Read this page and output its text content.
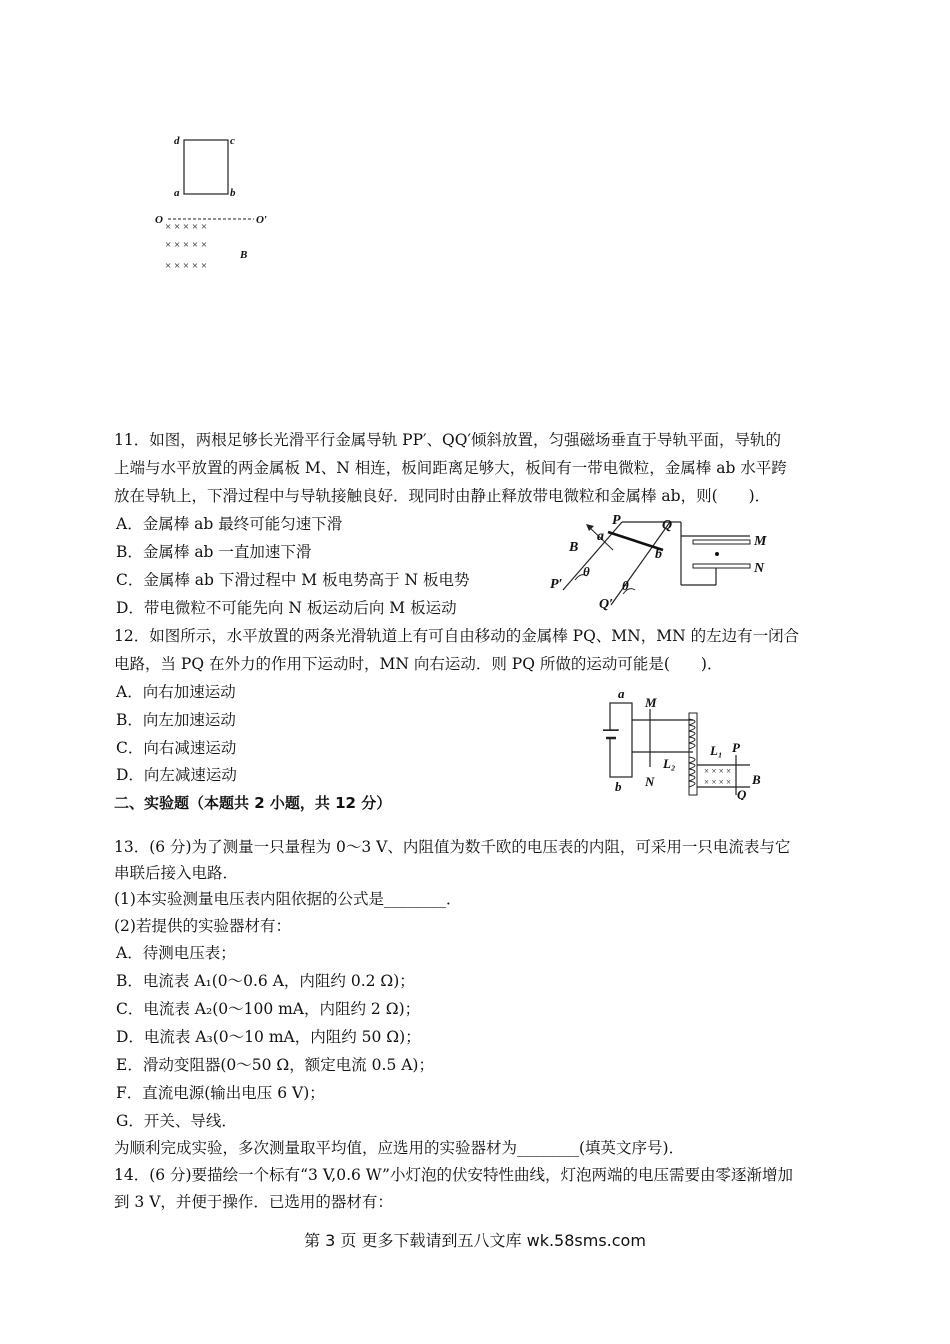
d	c
a	b
O	O′
× × × × ×
× × × × ×
× × × × ×
B
11．如图，两根足够长光滑平行金属导轨 PP′、QQ′倾斜放置，匀强磁场垂直于导轨平面，导轨的
上端与水平放置的两金属板 M、N 相连，板间距离足够大，板间有一带电微粒，金属棒 ab 水平跨
放在导轨上，下滑过程中与导轨接触良好．现同时由静止释放带电微粒和金属棒 ab，则(　　)．
A．金属棒 ab 最终可能匀速下滑
B．金属棒 ab 一直加速下滑
C．金属棒 ab 下滑过程中 M 板电势高于 N 板电势
D．带电微粒不可能先向 N 板运动后向 M 板运动
P	Q
a
b
B	M
N
P′
Q′
θ
θ
12．如图所示，水平放置的两条光滑轨道上有可自由移动的金属棒 PQ、MN，MN 的左边有一闭合
电路，当 PQ 在外力的作用下运动时，MN 向右运动．则 PQ 所做的运动可能是(　　)．
A．向右加速运动
B．向左加速运动
C．向右减速运动
D．向左减速运动	× × × ×
× × × ×
a
b
M
N
L₁
L₂
P
Q
B
二、实验题（本题共 2 小题，共 12 分）
13．(6 分)为了测量一只量程为 0～3 V、内阻值为数千欧的电压表的内阻，可采用一只电流表与它
串联后接入电路．
(1)本实验测量电压表内阻依据的公式是________．
(2)若提供的实验器材有：
A．待测电压表；
B．电流表 A₁(0～0.6 A，内阻约 0.2 Ω)；
C．电流表 A₂(0～100 mA，内阻约 2 Ω)；
D．电流表 A₃(0～10 mA，内阻约 50 Ω)；
E．滑动变阻器(0～50 Ω，额定电流 0.5 A)；
F．直流电源(输出电压 6 V)；
G．开关、导线．
为顺利完成实验，多次测量取平均值，应选用的实验器材为________(填英文序号)．
14．(6 分)要描绘一个标有“3 V,0.6 W”小灯泡的伏安特性曲线，灯泡两端的电压需要由零逐渐增加
到 3 V，并便于操作．已选用的器材有：
第 3 页 更多下载请到五八文库 wk.58sms.com
